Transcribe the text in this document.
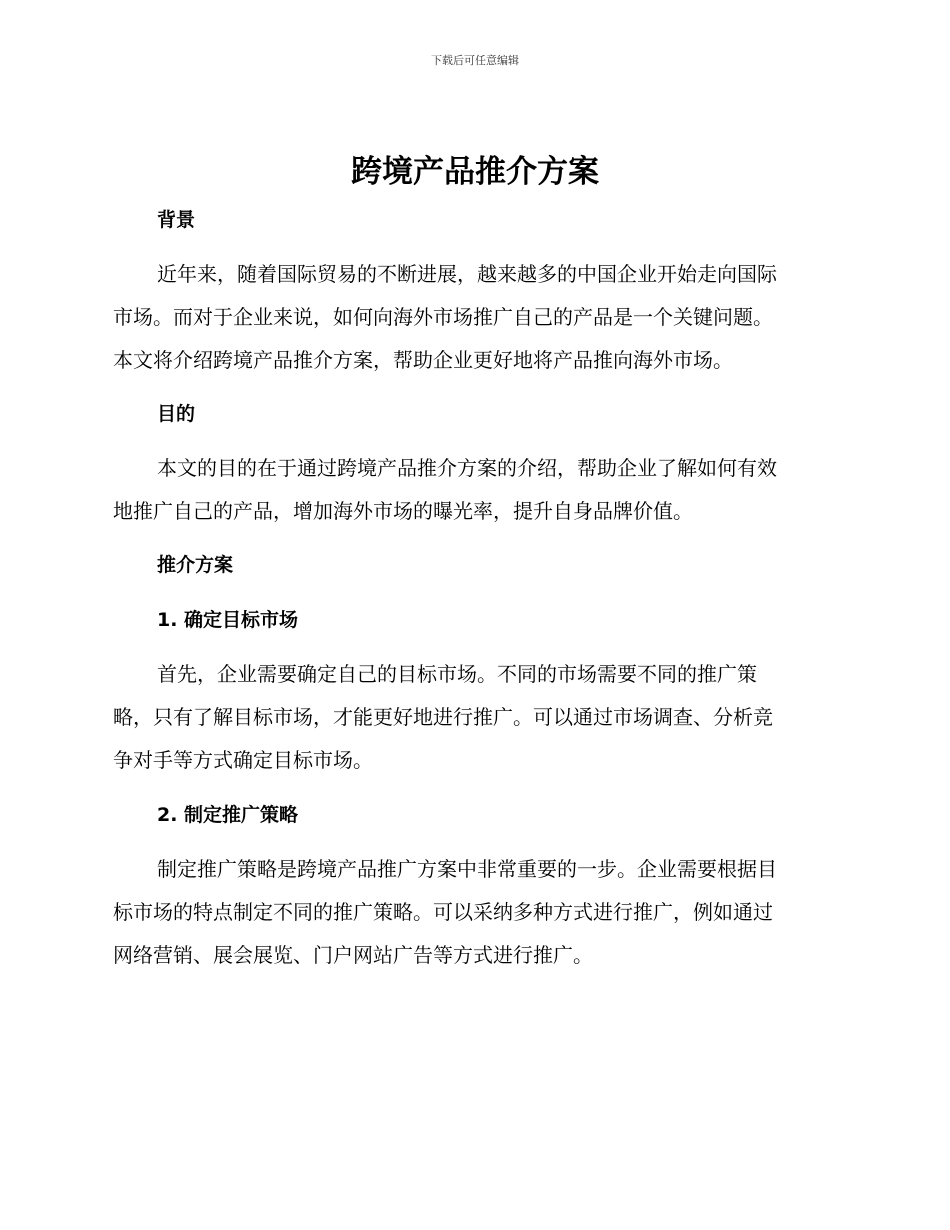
下载后可任意编辑
跨境产品推介方案
背景

近年来，随着国际贸易的不断进展，越来越多的中国企业开始走向国际
市场。而对于企业来说，如何向海外市场推广自己的产品是一个关键问题。
本文将介绍跨境产品推介方案，帮助企业更好地将产品推向海外市场。

目的

本文的目的在于通过跨境产品推介方案的介绍，帮助企业了解如何有效
地推广自己的产品，增加海外市场的曝光率，提升自身品牌价值。

推介方案
1. 确定目标市场

首先，企业需要确定自己的目标市场。不同的市场需要不同的推广策
略，只有了解目标市场，才能更好地进行推广。可以通过市场调查、分析竞
争对手等方式确定目标市场。

2. 制定推广策略

制定推广策略是跨境产品推广方案中非常重要的一步。企业需要根据目
标市场的特点制定不同的推广策略。可以采纳多种方式进行推广，例如通过
网络营销、展会展览、门户网站广告等方式进行推广。
